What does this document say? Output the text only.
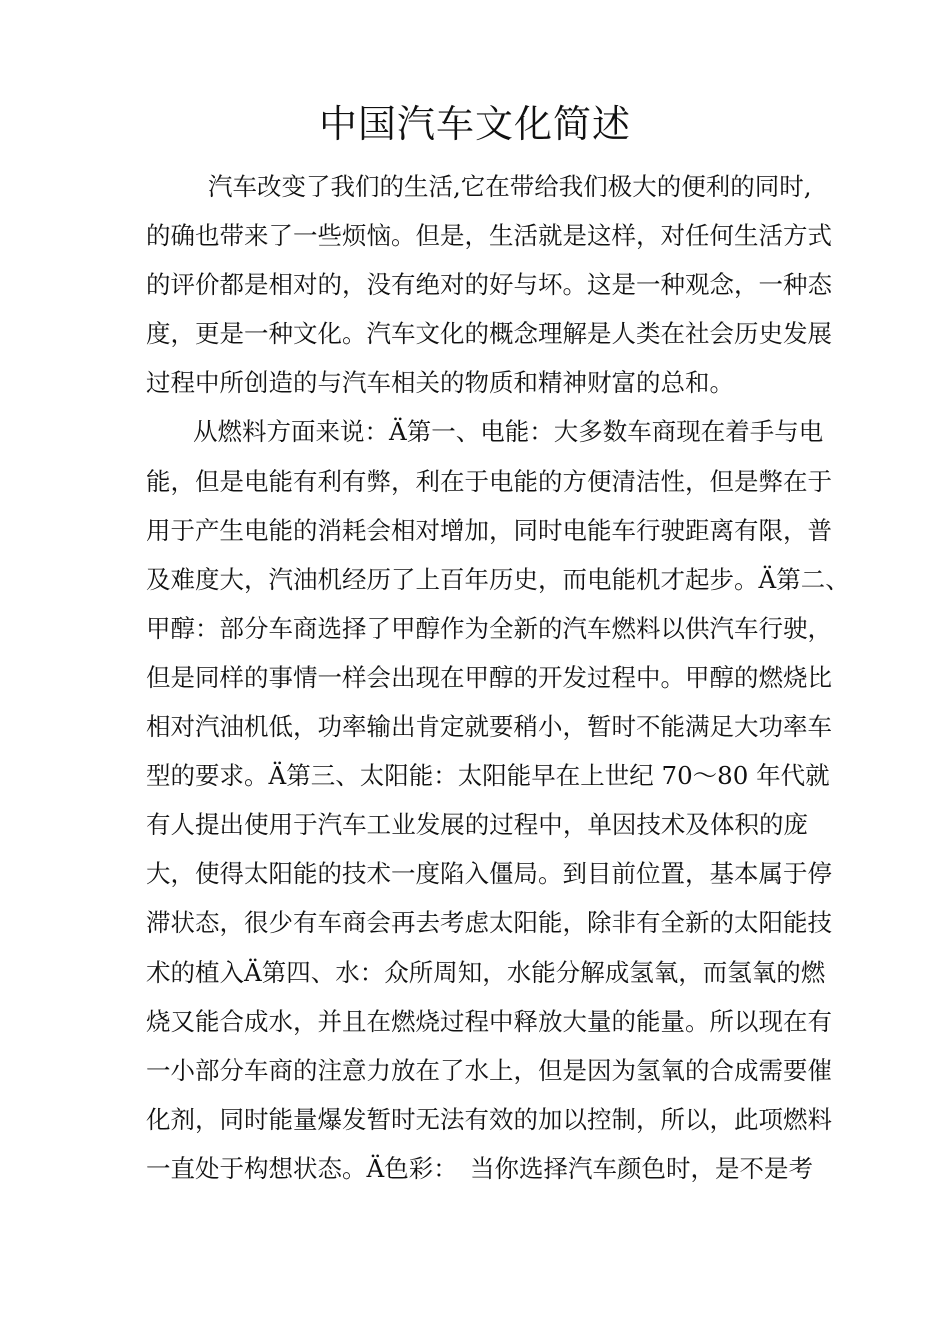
中国汽车文化简述
汽车改变了我们的生活,它在带给我们极大的便利的同时,
的确也带来了一些烦恼。但是，生活就是这样，对任何生活方式
的评价都是相对的，没有绝对的好与坏。这是一种观念，一种态
度，更是一种文化。汽车文化的概念理解是人类在社会历史发展
过程中所创造的与汽车相关的物质和精神财富的总和。
从燃料方面来说：Ä第一、电能：大多数车商现在着手与电
能，但是电能有利有弊，利在于电能的方便清洁性，但是弊在于
用于产生电能的消耗会相对增加，同时电能车行驶距离有限，普
及难度大，汽油机经历了上百年历史，而电能机才起步。Ä第二、
甲醇：部分车商选择了甲醇作为全新的汽车燃料以供汽车行驶，
但是同样的事情一样会出现在甲醇的开发过程中。甲醇的燃烧比
相对汽油机低，功率输出肯定就要稍小，暂时不能满足大功率车
型的要求。Ä第三、太阳能：太阳能早在上世纪 70～80 年代就
有人提出使用于汽车工业发展的过程中，单因技术及体积的庞
大，使得太阳能的技术一度陷入僵局。到目前位置，基本属于停
滞状态，很少有车商会再去考虑太阳能，除非有全新的太阳能技
术的植入Ä第四、水：众所周知，水能分解成氢氧，而氢氧的燃
烧又能合成水，并且在燃烧过程中释放大量的能量。所以现在有
一小部分车商的注意力放在了水上，但是因为氢氧的合成需要催
化剂，同时能量爆发暂时无法有效的加以控制，所以，此项燃料
一直处于构想状态。Ä色彩：　当你选择汽车颜色时，是不是考
